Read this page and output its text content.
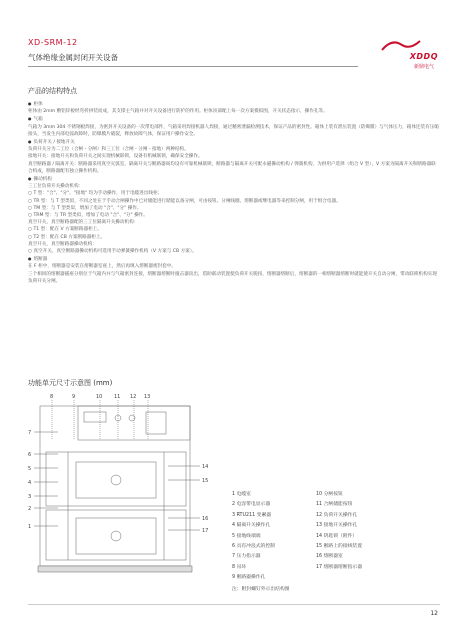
XD-SRM-12
气体绝缘金属封闭开关设备	XDDQ
新鼎电气
产品的结构特点

● 柜体

柜体由 2mm 敷铝锌板经弯折拼装而成，其支撑主气箱并对开关设备进行防护的作用。柜体顶部配上每一次方案模拟图，开关状态指示，操作孔等。

● 气箱

气箱为 3mm 304 不锈钢板焊接，为密封开关设备的一次带电部件，气箱采用焊接机器人焊接，通过精密泄漏检测技术，保证产品的密封性。箱体上装有泄压装置（防爆膜）与气体压力，箱体还装有压缩接头，当发生内部电弧故障时，防爆膜片破裂，释放故障气体，保证用户操作安全。

● 负荷开关 / 接地开关

负荷开关分为二工位（合闸 - 分闸）和三工位（合闸 - 分闸 - 接地）两种结构。

接地开关：接地开关和负荷开关之间实现机械联锁，设备有机械联锁，确保安全操作。

真空断路器 / 隔离开关：断路器采用真空灭弧室，隔离开关与断路器间均设有可靠机械联锁，断路器与隔离开关可配永磁操动机构 / 弹簧机构，为供用户选择（组合 V 型），V 方案为隔离开关和断路器联合构成，断路器配有独立操作机构。

● 操动机构

三工位负荷开关操动机构：

○ T 型："合"、"分"、"接地" 均为手动操作，用于电缆进出线柜；

○ TR 型：与 T 型类似，不同之处在于手动合闸操作中已对储能进行储能以备分闸，可由按钮、分闸线圈、熔断器或继电器等来控制分闸，用于组合电器。

○ TM 型：与 T 型类似，增加了电动 "合"、"分" 操作。

○ TRM 型：与 TR 型类似，增加了电动 "合"、"分" 操作。

真空开关，真空断路器配的三工位隔离开关操动机构：

○ T1 型：配在 V 方案断路器柜上。

○ T2 型：配在 CB 方案断路器柜上。

真空开关，真空断路器操动机构：

○ 真空开关，真空断路器操动机构可选用手动弹簧操作机构（V 方案与 CB 方案）。

● 熔断器

在 F 柜中，熔断器是安装在熔断器室座上，然后再填入熔断器密封套中。

三个相同的熔断器插座分别位于气箱内并与气箱密封连接，熔断器熔断时撞击器顶出，借助联动装置使负荷开关脱扣，熔断器熔断后，熔断器的一相熔断器熔断时就能使开关自动分闸，带动联锁机构实现负荷开关分闸。

功能单元尺寸示意图 (mm)
8	9	10 11 12 13
7
6
5
4
3
2
1
14
15
16
17
1 电缆室
2 电容带电显示器
3 RTU211 变紧器
4 隔离开关操作孔
5 接地线端端
6 具有冲浪式的控制
7 压力指示器
8 吊环
9 断路器操作孔
10 分闸按钮
11 合闸储能按钮
12 负荷开关操作孔
13 接地开关操作孔
14 钥匙锁（附件）
15 断路上的接线装置
16 熔断器室
17 熔断器熔断指示器
注：附封螺钉外示出结构图
12
